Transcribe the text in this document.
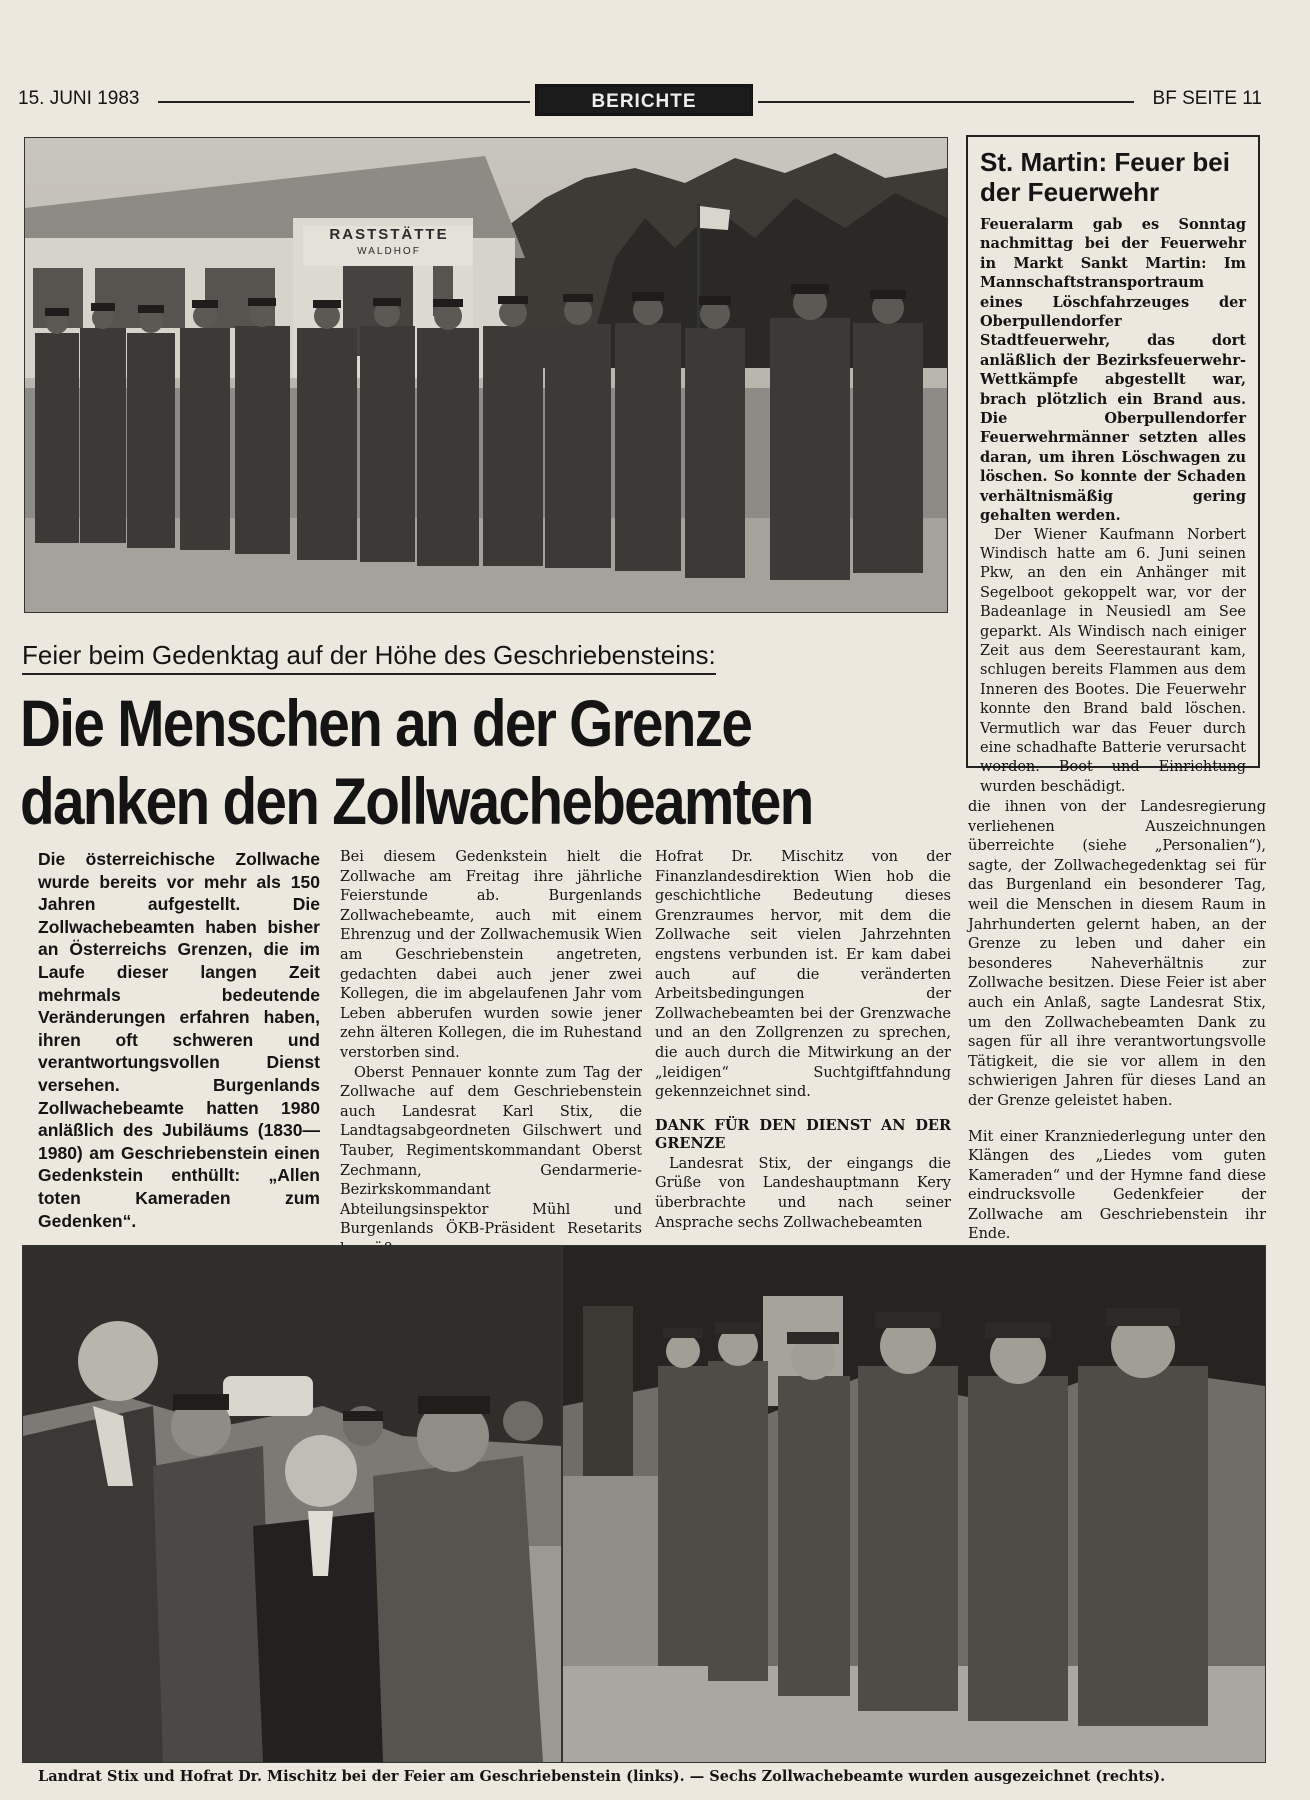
15. JUNI 1983	BERICHTE	BF SEITE 11
RASTSTÄTTE
WALDHOF
St. Martin: Feuer bei der Feuerwehr

Feueralarm gab es Sonntag nachmittag bei der Feuerwehr in Markt Sankt Martin: Im Mannschaftstransportraum eines Löschfahrzeuges der Oberpullendorfer Stadtfeuerwehr, das dort anläßlich der Bezirksfeuerwehr-Wettkämpfe abgestellt war, brach plötzlich ein Brand aus. Die Oberpullendorfer Feuerwehrmänner setzten alles daran, um ihren Löschwagen zu löschen. So konnte der Schaden verhältnismäßig gering gehalten werden.

Der Wiener Kaufmann Norbert Windisch hatte am 6. Juni seinen Pkw, an den ein Anhänger mit Segelboot gekoppelt war, vor der Badeanlage in Neusiedl am See geparkt. Als Windisch nach einiger Zeit aus dem Seerestaurant kam, schlugen bereits Flammen aus dem Inneren des Bootes. Die Feuerwehr konnte den Brand bald löschen. Vermutlich war das Feuer durch eine schadhafte Batterie verursacht worden. Boot und Einrichtung wurden beschädigt.

Feier beim Gedenktag auf der Höhe des Geschriebensteins:
Die Menschen an der Grenze
danken den Zollwachebeamten

Die österreichische Zollwache wurde bereits vor mehr als 150 Jahren aufgestellt. Die Zollwachebeamten haben bisher an Österreichs Grenzen, die im Laufe dieser langen Zeit mehrmals bedeutende Veränderungen erfahren haben, ihren oft schweren und verantwortungsvollen Dienst versehen. Burgenlands Zollwachebeamte hatten 1980 anläßlich des Jubiläums (1830—1980) am Geschriebenstein einen Gedenkstein enthüllt: „Allen toten Kameraden zum Gedenken“.

Bei diesem Gedenkstein hielt die Zollwache am Freitag ihre jährliche Feierstunde ab. Burgenlands Zollwachebeamte, auch mit einem Ehrenzug und der Zollwachemusik Wien am Geschriebenstein angetreten, gedachten dabei auch jener zwei Kollegen, die im abgelaufenen Jahr vom Leben abberufen wurden sowie jener zehn älteren Kollegen, die im Ruhestand verstorben sind.

Oberst Pennauer konnte zum Tag der Zollwache auf dem Geschriebenstein auch Landesrat Karl Stix, die Landtagsabgeordneten Gilschwert und Tauber, Regimentskommandant Oberst Zechmann, Gendarmerie-Bezirkskommandant Abteilungsinspektor Mühl und Burgenlands ÖKB-Präsident Resetarits

Hofrat Dr. Mischitz von der Finanzlandesdirektion Wien hob die geschichtliche Bedeutung dieses Grenzraumes hervor, mit dem die Zollwache seit vielen Jahrzehnten engstens verbunden ist. Er kam dabei auch auf die veränderten Arbeitsbedingungen der Zollwachebeamten bei der Grenzwache und an den Zollgrenzen zu sprechen, die auch durch die Mitwirkung an der „leidigen“ Suchtgiftfahndung gekennzeichnet sind.

DANK FÜR DEN DIENST AN DER GRENZE

Landesrat Stix, der eingangs die Grüße von Landeshauptmann Kery überbrachte und nach seiner Ansprache sechs Zollwachebeamten

die ihnen von der Landesregierung verliehenen Auszeichnungen überreichte (siehe „Personalien“), sagte, der Zollwachegedenktag sei für das Burgenland ein besonderer Tag, weil die Menschen in diesem Raum in Jahrhunderten gelernt haben, an der Grenze zu leben und daher ein besonderes Naheverhältnis zur Zollwache besitzen. Diese Feier ist aber auch ein Anlaß, sagte Landesrat Stix, um den Zollwachebeamten Dank zu sagen für all ihre verantwortungsvolle Tätigkeit, die sie vor allem in den schwierigen Jahren für dieses Land an der Grenze geleistet haben.

Mit einer Kranzniederlegung unter den Klängen des „Liedes vom guten Kameraden“ und der Hymne fand diese eindrucksvolle Gedenkfeier der Zollwache am Geschriebenstein ihr Ende.

Landrat Stix und Hofrat Dr. Mischitz bei der Feier am Geschriebenstein (links). — Sechs Zollwachebeamte wurden ausgezeichnet (rechts).
